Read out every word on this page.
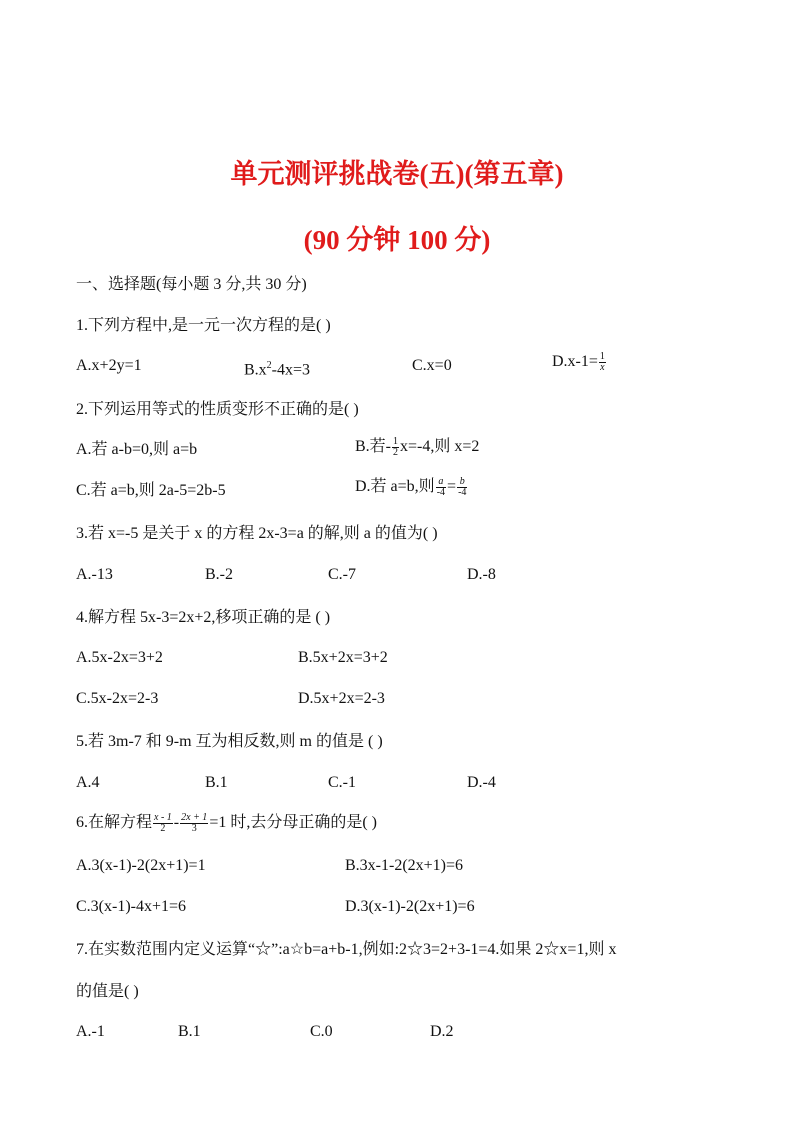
单元测评挑战卷(五)(第五章)
(90 分钟 100 分)
一、选择题(每小题 3 分,共 30 分)
1.下列方程中,是一元一次方程的是( )
A.x+2y=1	$B.x^2-4x=3$	C.x=0	$D.x-1= \frac{1}{x}$
2.下列运用等式的性质变形不正确的是( )
A.若 a-b=0,则 a=b	B.若- $\frac{1}{2} x=-4$,则 x=2
C.若 a=b,则 2a-5=2b-5	D.若 a=b,则 $\frac{a}{-4} = \frac{b}{-4}$
3.若 x=-5 是关于 x 的方程 2x-3=a 的解,则 a 的值为( )
A.-13	B.-2	C.-7	D.-8
4.解方程 5x-3=2x+2,移项正确的是 ( )
A.5x-2x=3+2	B.5x+2x=3+2
C.5x-2x=2-3	D.5x+2x=2-3
5.若 3m-7 和 9-m 互为相反数,则 m 的值是 ( )
A.4	B.1	C.-1	D.-4
6.在解方程 $\frac{x - 1}{2} - \frac{2x + 1}{3} =1$ 时,去分母正确的是( )
A.3(x-1)-2(2x+1)=1	B.3x-1-2(2x+1)=6
C.3(x-1)-4x+1=6	D.3(x-1)-2(2x+1)=6
7.在实数范围内定义运算“☆”:a☆b=a+b-1,例如:2☆3=2+3-1=4.如果 2☆x=1,则 x
的值是( )
A.-1	B.1	C.0	D.2
